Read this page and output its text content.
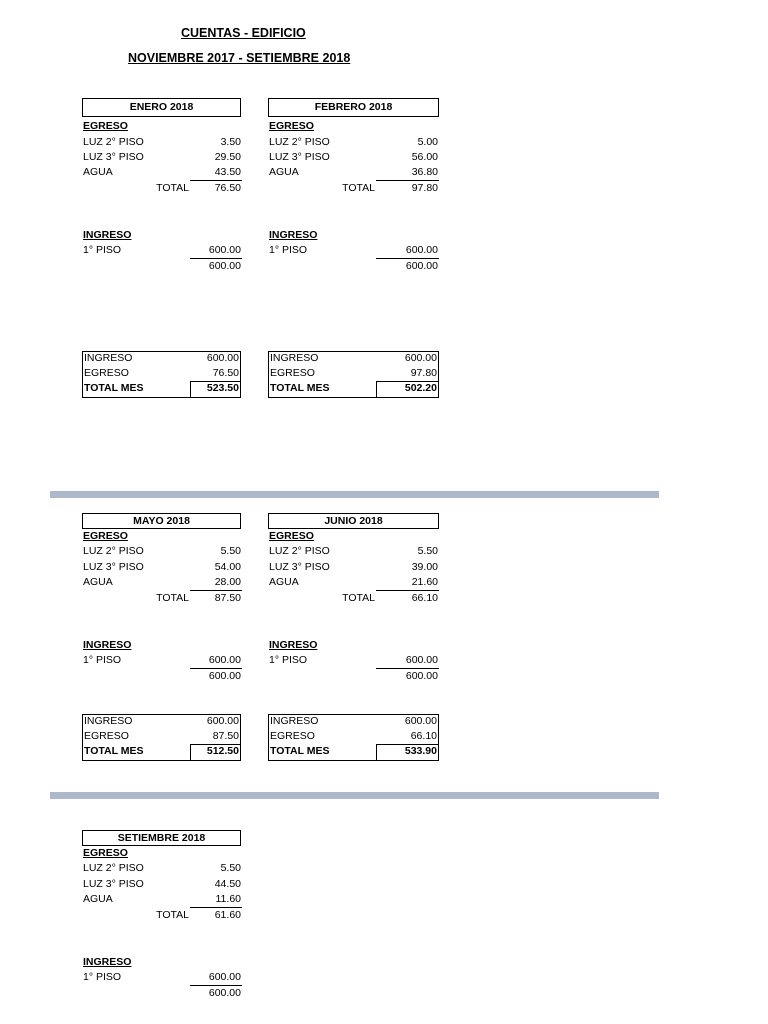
CUENTAS - EDIFICIO
NOVIEMBRE 2017 - SETIEMBRE 2018
ENERO 2018
EGRESO
LUZ 2° PISO	3.50
LUZ 3° PISO	29.50
AGUA	43.50
TOTAL 76.50
INGRESO
1° PISO	600.00
600.00
INGRESO	600.00
EGRESO	76.50
TOTAL MES	523.50
FEBRERO 2018
EGRESO
LUZ 2° PISO	5.00
LUZ 3° PISO	56.00
AGUA	36.80
TOTAL	97.80
INGRESO
1° PISO	600.00
600.00
INGRESO	600.00
EGRESO	97.80
TOTAL MES	502.20
MAYO 2018
EGRESO
LUZ 2° PISO	5.50
LUZ 3° PISO	54.00
AGUA	28.00
TOTAL 87.50
INGRESO
1° PISO	600.00
600.00
INGRESO	600.00
EGRESO	87.50
TOTAL MES	512.50
JUNIO 2018
EGRESO
LUZ 2° PISO	5.50
LUZ 3° PISO	39.00
AGUA	21.60
TOTAL	66.10
INGRESO
1° PISO	600.00
600.00
INGRESO	600.00
EGRESO	66.10
TOTAL MES	533.90
SETIEMBRE 2018
EGRESO
LUZ 2° PISO	5.50
LUZ 3° PISO	44.50
AGUA	11.60
TOTAL 61.60
INGRESO
1° PISO	600.00
600.00
